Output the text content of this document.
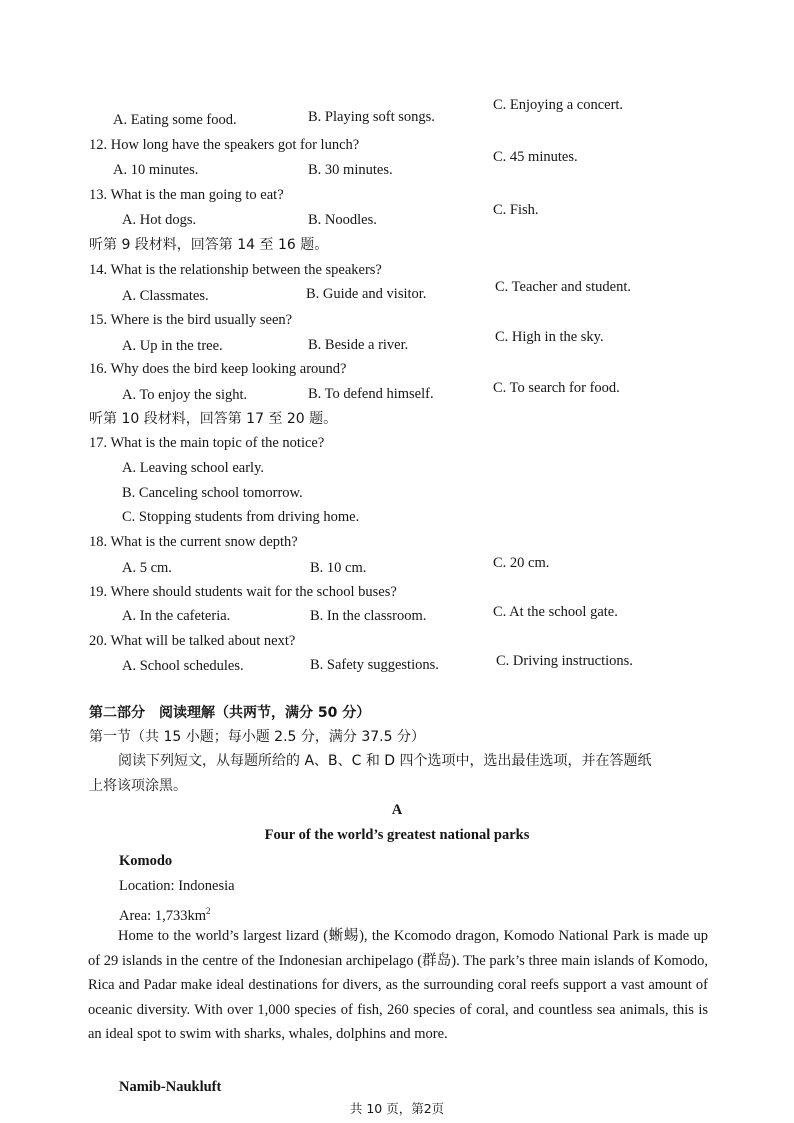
A. Eating some food.	B. Playing soft songs.
C. Enjoying a concert.
12. How long have the speakers got for lunch?
A. 10 minutes.	B. 30 minutes.
C. 45 minutes.
13. What is the man going to eat?
A. Hot dogs.	B. Noodles.
C. Fish.
听第 9 段材料，回答第 14 至 16 题。
14. What is the relationship between the speakers?
A. Classmates.	B. Guide and visitor.	C. Teacher and student.
15. Where is the bird usually seen?
A. Up in the tree.	B. Beside a river.	C. High in the sky.
16. Why does the bird keep looking around?
A. To enjoy the sight.	B. To defend himself.	C. To search for food.
听第 10 段材料，回答第 17 至 20 题。
17. What is the main topic of the notice?
A. Leaving school early.
B. Canceling school tomorrow.
C. Stopping students from driving home.
18. What is the current snow depth?
A. 5 cm.	B. 10 cm.	C. 20 cm.
19. Where should students wait for the school buses?
A. In the cafeteria.	B. In the classroom.	C. At the school gate.
20. What will be talked about next?
A. School schedules.	B. Safety suggestions.	C. Driving instructions.
第二部分　阅读理解（共两节，满分 50 分）
第一节（共 15 小题；每小题 2.5 分，满分 37.5 分）
阅读下列短文，从每题所给的 A、B、C 和 D 四个选项中，选出最佳选项，并在答题纸
上将该项涂黑。
A
Four of the world’s greatest national parks
Komodo
Location: Indonesia
Area: $1,733km^2$
Home to the world’s largest lizard (蜥蜴), the Kcomodo dragon, Komodo National Park is made up of 29 islands in the centre of the Indonesian archipelago (群岛). The park’s three main islands of Komodo, Rica and Padar make ideal destinations for divers, as the surrounding coral reefs support a vast amount of oceanic diversity. With over 1,000 species of fish, 260 species of coral, and countless sea animals, this is an ideal spot to swim with sharks, whales, dolphins and more.
Namib-Naukluft
共 10 页，第2页
